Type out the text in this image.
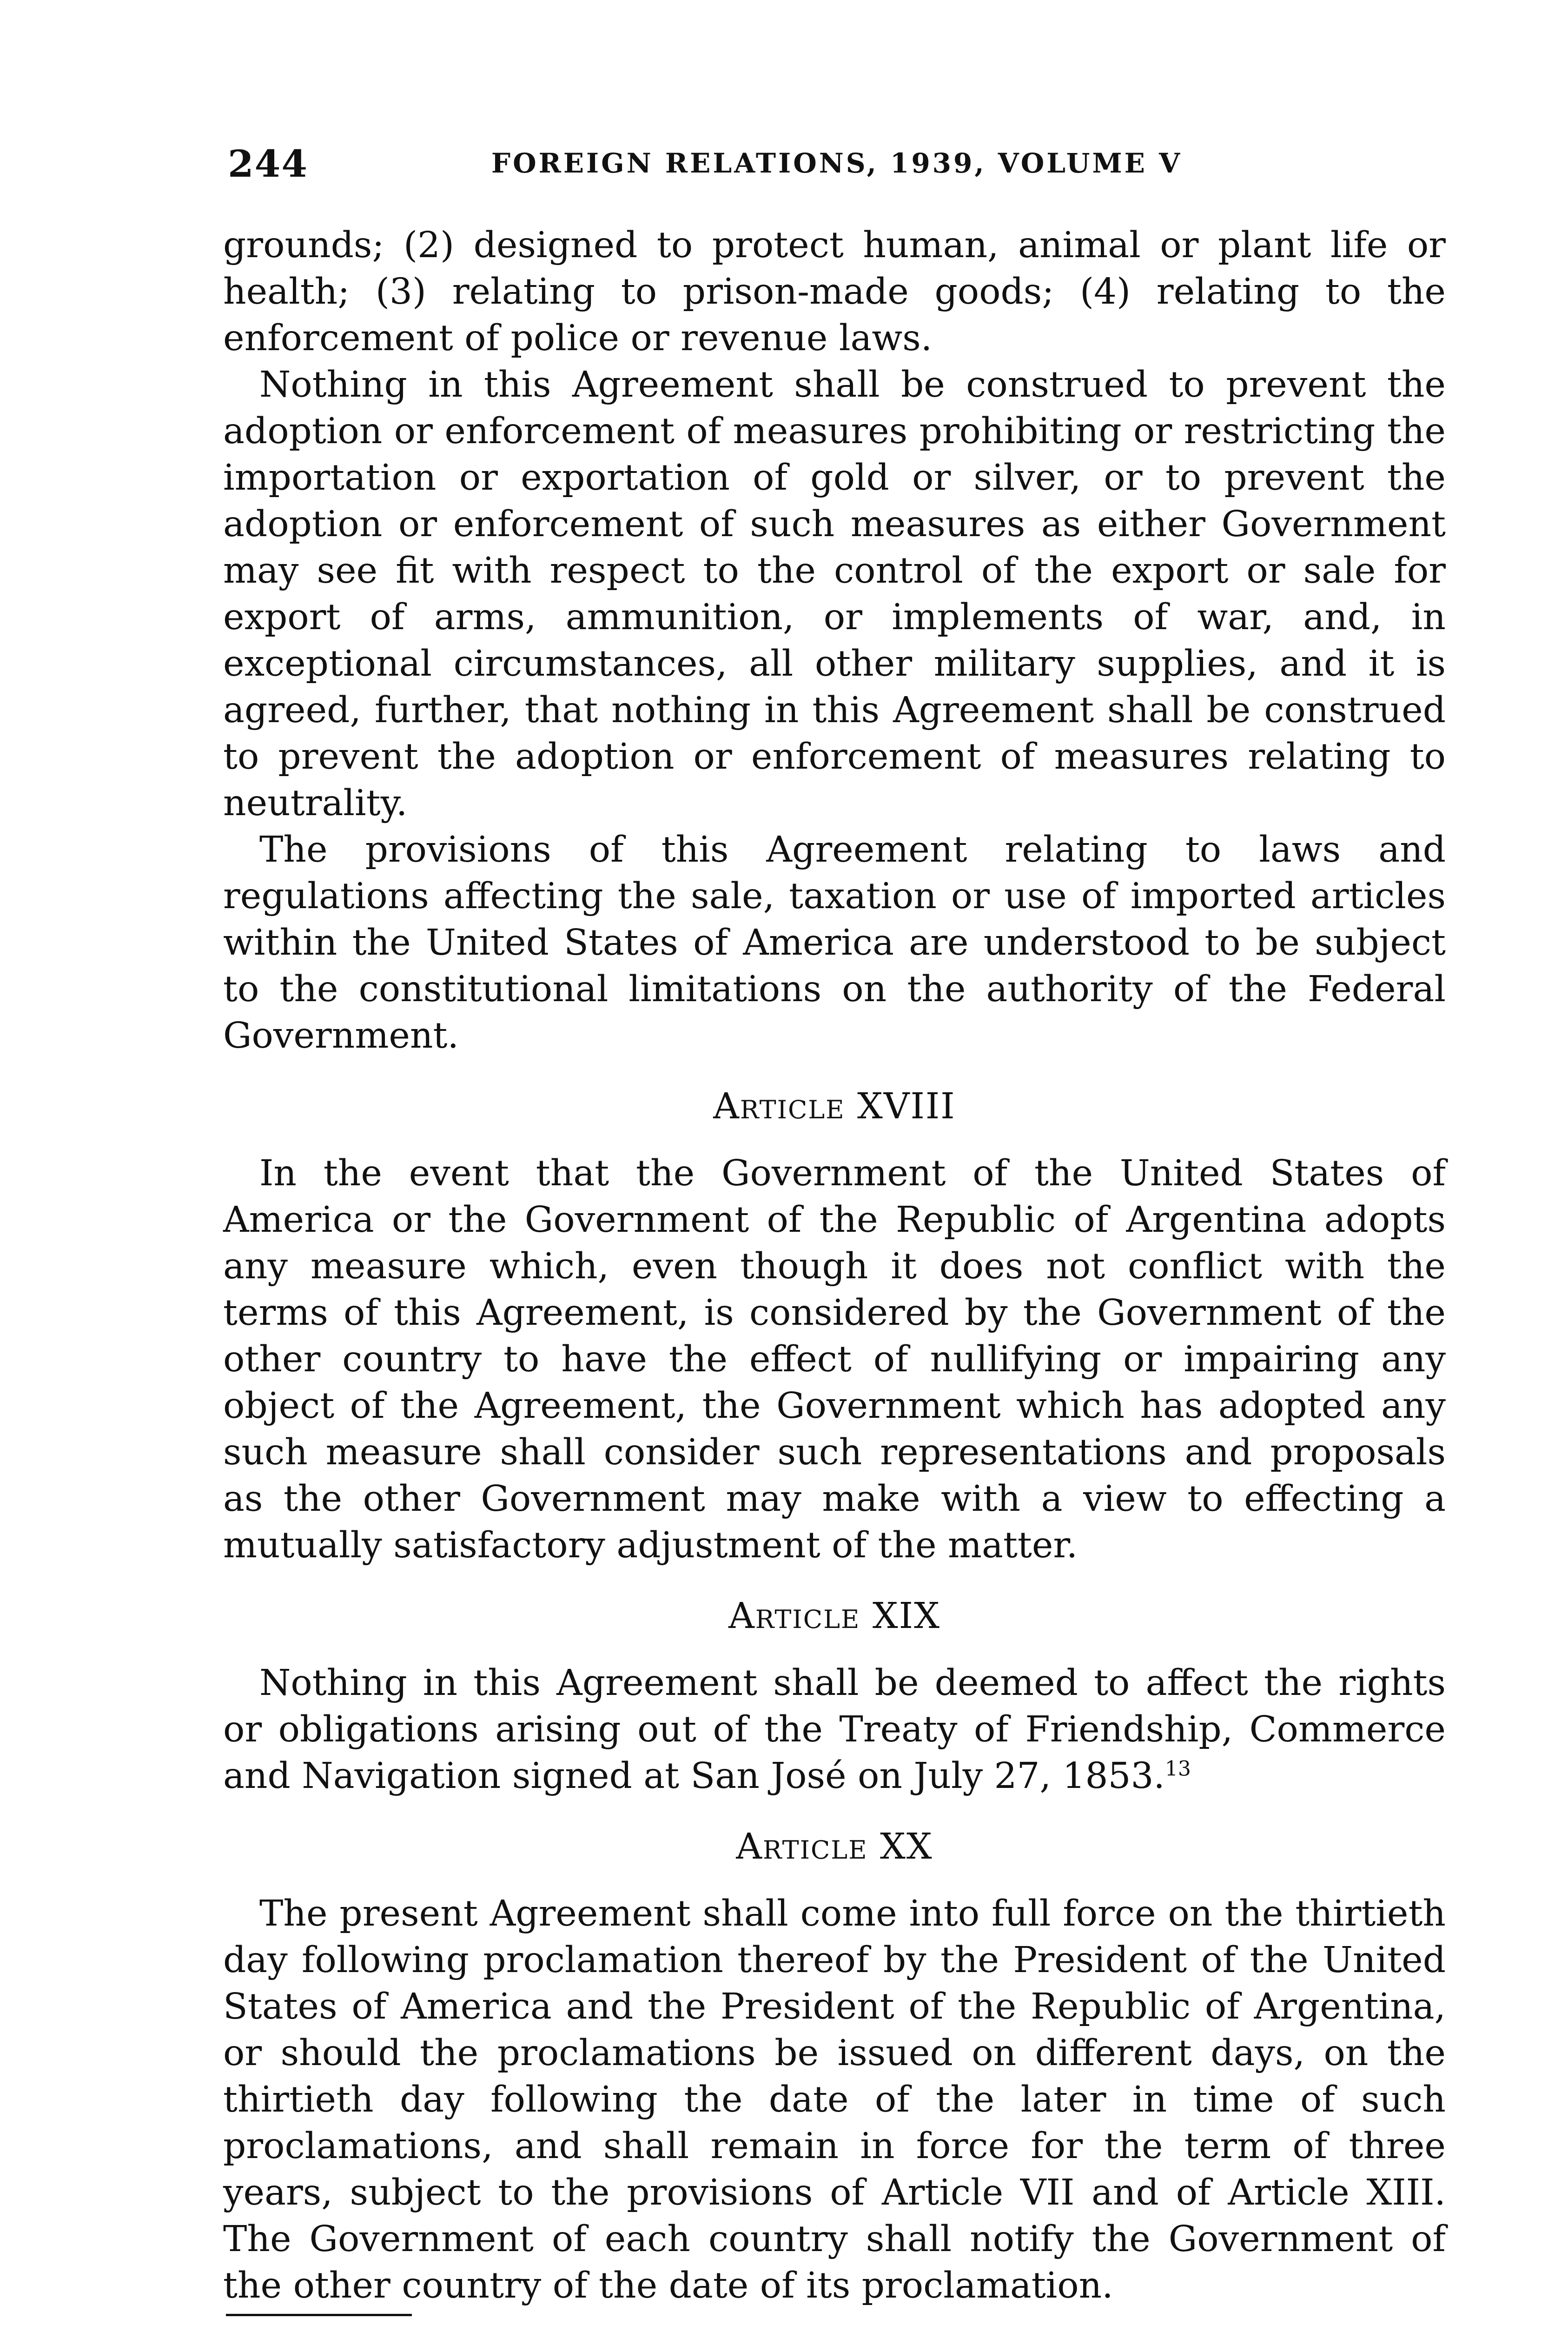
244	FOREIGN RELATIONS, 1939, VOLUME V

grounds; (2) designed to protect human, animal or plant life or health; (3) relating to prison-made goods; (4) relating to the enforcement of police or revenue laws.

Nothing in this Agreement shall be construed to prevent the adoption or enforcement of measures prohibiting or restricting the importation or exportation of gold or silver, or to prevent the adoption or enforcement of such measures as either Government may see fit with respect to the control of the export or sale for export of arms, ammunition, or implements of war, and, in exceptional circumstances, all other military supplies, and it is agreed, further, that nothing in this Agreement shall be construed to prevent the adoption or enforcement of measures relating to neutrality.

The provisions of this Agreement relating to laws and regulations affecting the sale, taxation or use of imported articles within the United States of America are understood to be subject to the constitutional limitations on the authority of the Federal Government.

Article XVIII

In the event that the Government of the United States of America or the Government of the Republic of Argentina adopts any measure which, even though it does not conflict with the terms of this Agreement, is considered by the Government of the other country to have the effect of nullifying or impairing any object of the Agreement, the Government which has adopted any such measure shall consider such representations and proposals as the other Government may make with a view to effecting a mutually satisfactory adjustment of the matter.

Article XIX

Nothing in this Agreement shall be deemed to affect the rights or obligations arising out of the Treaty of Friendship, Commerce and Navigation signed at San José on July 27, 1853.13

Article XX

The present Agreement shall come into full force on the thirtieth day following proclamation thereof by the President of the United States of America and the President of the Republic of Argentina, or should the proclamations be issued on different days, on the thirtieth day following the date of the later in time of such proclamations, and shall remain in force for the term of three years, subject to the provisions of Article VII and of Article XIII. The Government of each country shall notify the Government of the other country of the date of its proclamation.
